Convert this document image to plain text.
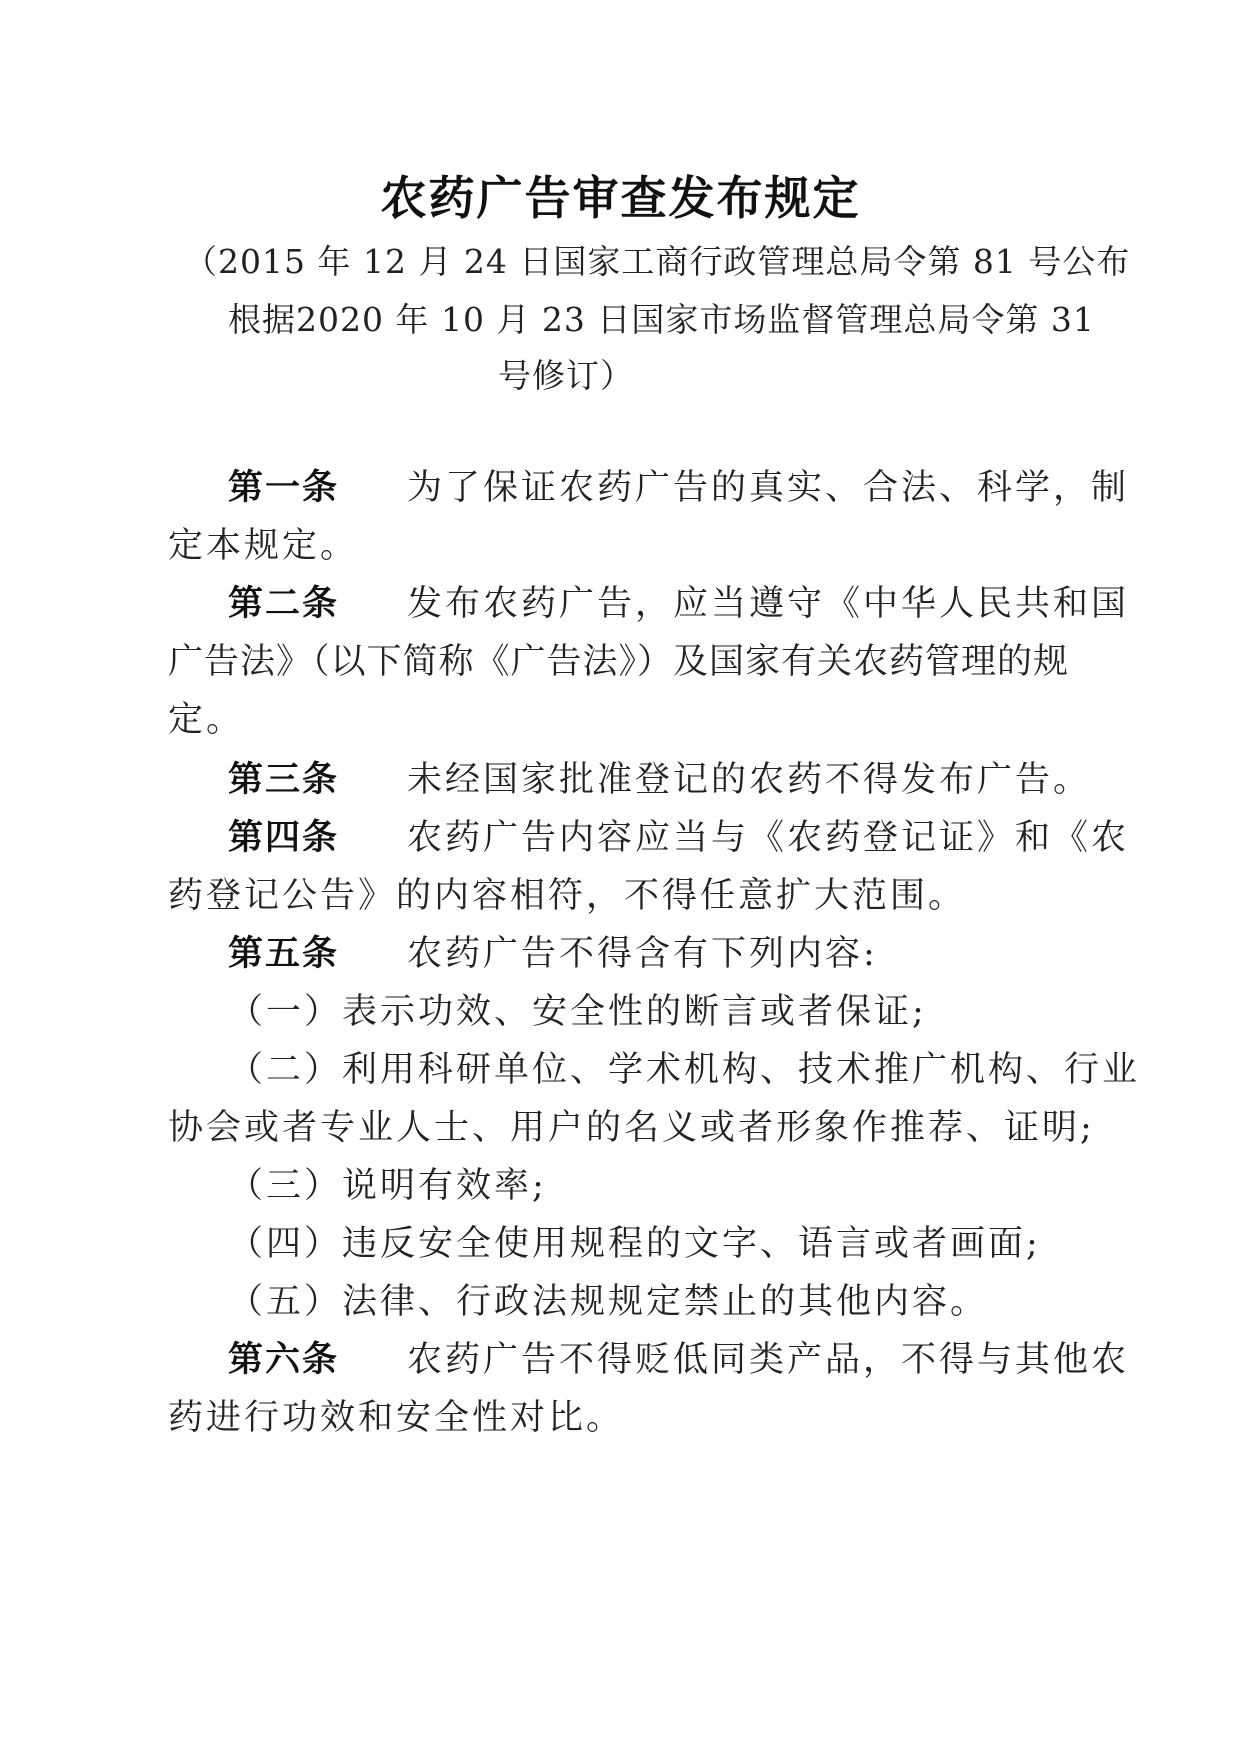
农药广告审查发布规定
（2015 年 12 月 24 日国家工商行政管理总局令第 81 号公布
根据2020 年 10 月 23 日国家市场监督管理总局令第 31
号修订）
第一条 为了保证农药广告的真实、合法、科学，制
定本规定。
第二条 发布农药广告，应当遵守《中华人民共和国
广告法》（以下简称《广告法》）及国家有关农药管理的规
定。
第三条 未经国家批准登记的农药不得发布广告。
第四条 农药广告内容应当与《农药登记证》和《农
药登记公告》的内容相符，不得任意扩大范围。
第五条 农药广告不得含有下列内容:
（一）表示功效、安全性的断言或者保证;
（二）利用科研单位、学术机构、技术推广机构、行业
协会或者专业人士、用户的名义或者形象作推荐、证明;
（三）说明有效率;
（四）违反安全使用规程的文字、语言或者画面;
（五）法律、行政法规规定禁止的其他内容。
第六条 农药广告不得贬低同类产品，不得与其他农
药进行功效和安全性对比。
